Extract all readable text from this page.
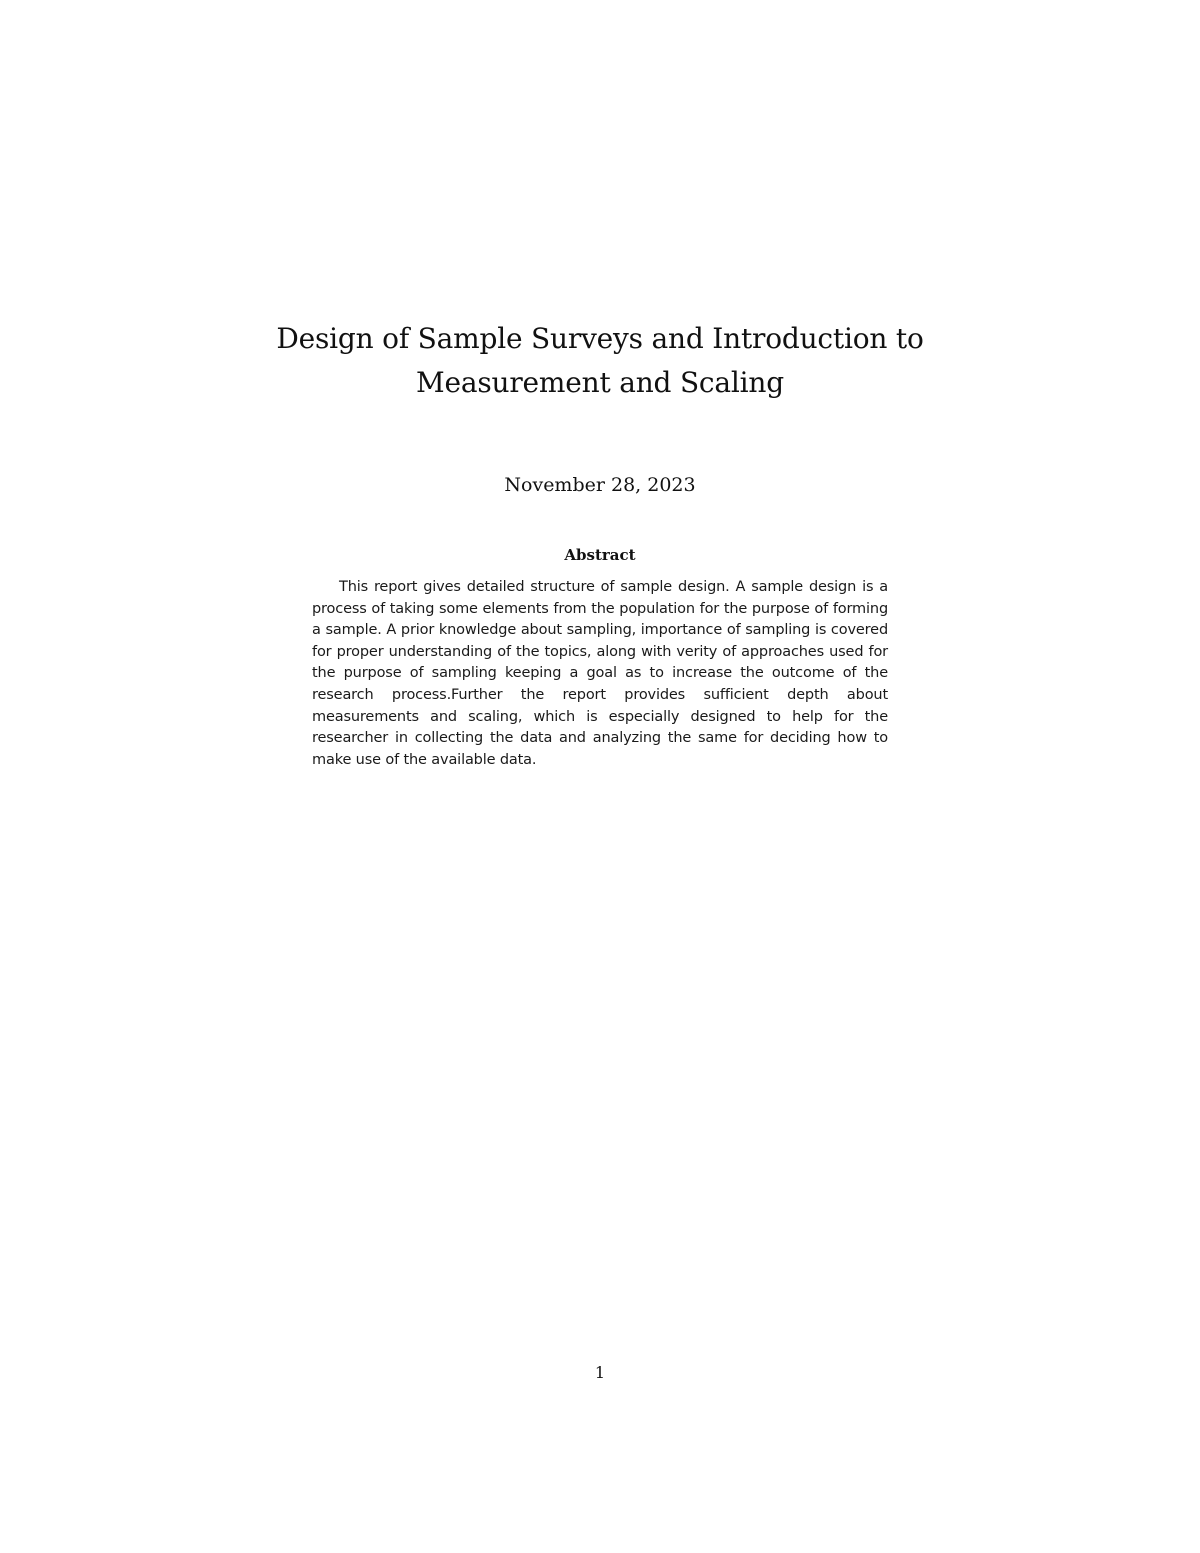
Design of Sample Surveys and Introduction to
Measurement and Scaling
November 28, 2023
Abstract

This report gives detailed structure of sample design. A sample design is a process of taking some elements from the population for the purpose of forming a sample. A prior knowledge about sampling, importance of sampling is covered for proper understanding of the topics, along with verity of approaches used for the purpose of sampling keeping a goal as to increase the outcome of the research process.Further the report provides sufficient depth about measurements and scaling, which is especially designed to help for the researcher in collecting the data and analyzing the same for deciding how to make use of the available data.

1
